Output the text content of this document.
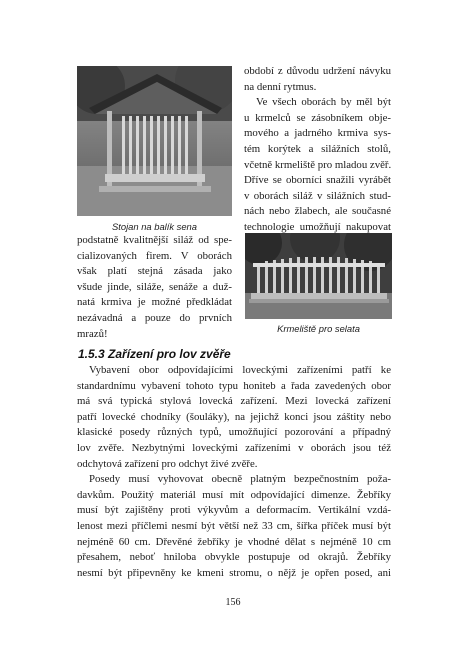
Stojan na balík sena
období z důvodu udržení návyku
na denní rytmus.
Ve všech oborách by měl být
u krmelců se zásobníkem obje-
mového a jadrného krmiva sys-
tém korýtek a silážních stolů,
včetně krmeliště pro mladou zvěř.
Dříve se oborníci snažili vyrábět
v oborách siláž v silážních stud-
nách nebo žlabech, ale současné
technologie umožňují nakupovat
podstatně kvalitnější siláž od spe-
cializovaných firem. V oborách
však platí stejná zásada jako
všude jinde, siláže, senáže a duž-
natá krmiva je možné předkládat
nezávadná a pouze do prvních
mrazů!	Krmeliště pro selata
1.5.3 Zařízení pro lov zvěře
Vybavení obor odpovídajícími loveckými zařízeními patří ke
standardnímu vybavení tohoto typu honiteb a řada zavedených obor
má svá typická stylová lovecká zařízení. Mezi lovecká zařízení
patří lovecké chodníky (šouláky), na jejichž konci jsou záštity nebo
klasické posedy různých typů, umožňující pozorování a případný
lov zvěře. Nezbytnými loveckými zařízeními v oborách jsou též
odchytová zařízení pro odchyt živé zvěře.
Posedy musí vyhovovat obecně platným bezpečnostním poža-
davkům. Použitý materiál musí mít odpovídající dimenze. Žebříky
musí být zajištěny proti výkyvům a deformacím. Vertikální vzdá-
lenost mezi příčlemi nesmí být větší než 33 cm, šířka příček musí být
nejméně 60 cm. Dřevěné žebříky je vhodné dělat s nejméně 10 cm
přesahem, neboť hniloba obvykle postupuje od okrajů. Žebříky
nesmí být připevněny ke kmeni stromu, o nějž je opřen posed, ani
156
